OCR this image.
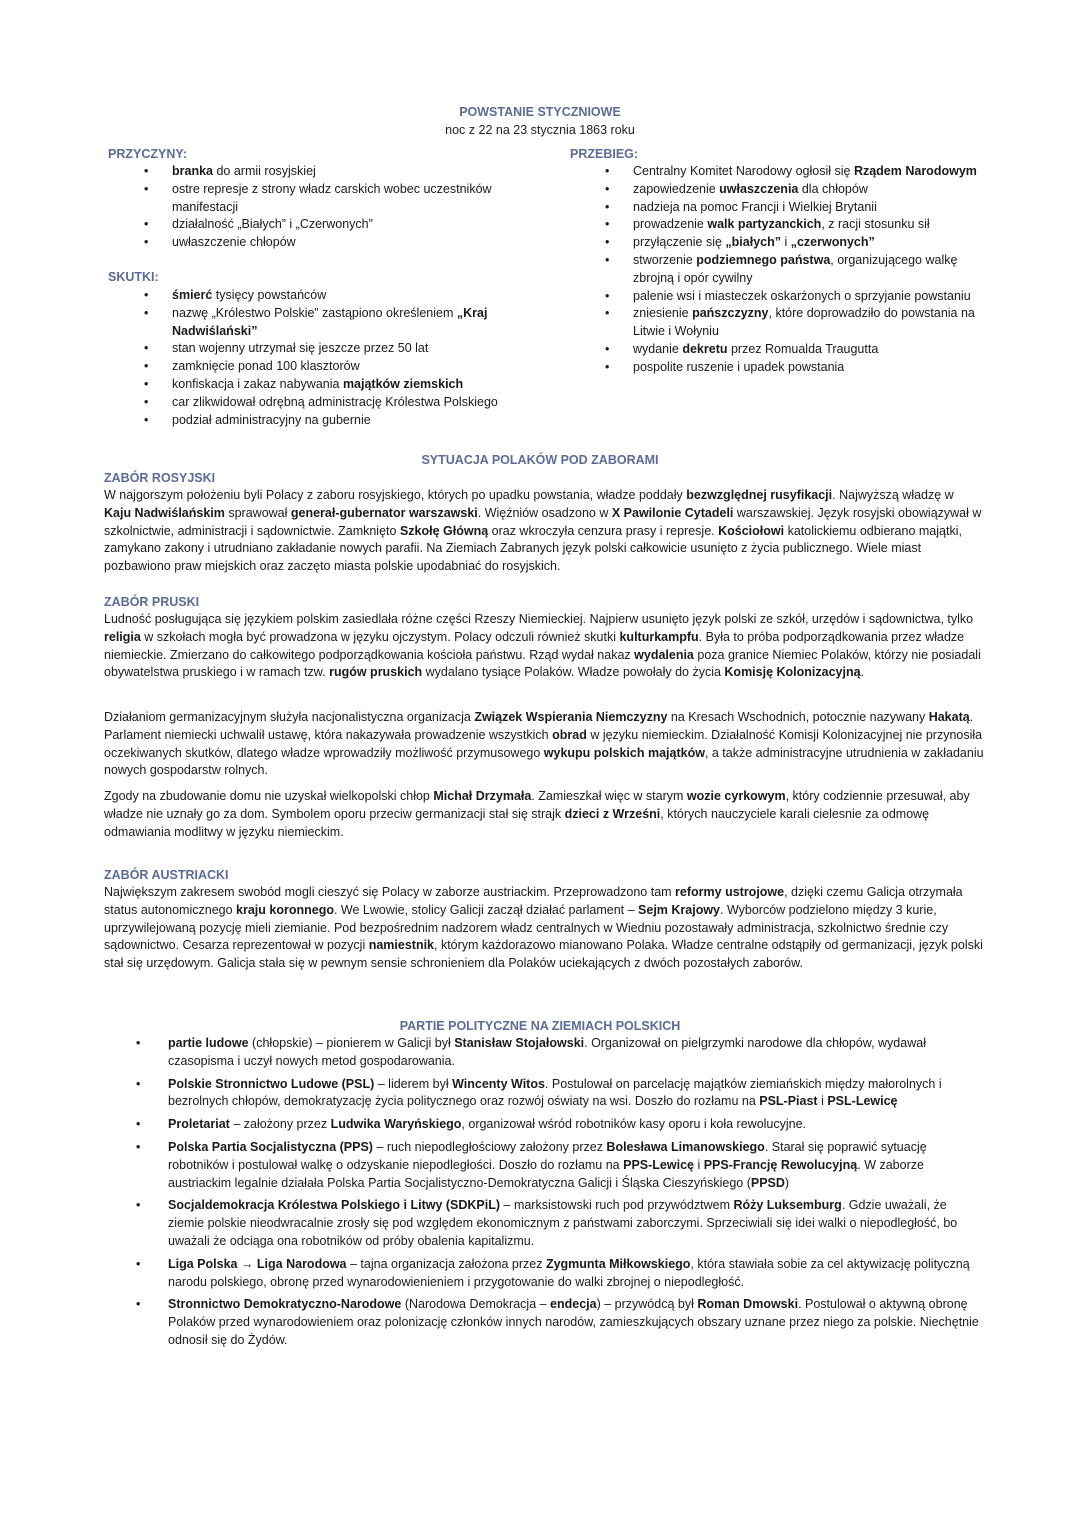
POWSTANIE STYCZNIOWE
noc z 22 na 23 stycznia 1863 roku
PRZYCZYNY:
• branka do armii rosyjskiej
• ostre represje z strony władz carskich wobec uczestników manifestacji
• działalność „Białych” i „Czerwonych”
• uwłaszczenie chłopów
SKUTKI:
• śmierć tysięcy powstańców
• nazwę „Królestwo Polskie” zastąpiono określeniem „Kraj Nadwiślański”
• stan wojenny utrzymał się jeszcze przez 50 lat
• zamknięcie ponad 100 klasztorów
• konfiskacja i zakaz nabywania majątków ziemskich
• car zlikwidował odrębną administrację Królestwa Polskiego
• podział administracyjny na gubernie
PRZEBIEG:
• Centralny Komitet Narodowy ogłosił się Rządem Narodowym
• zapowiedzenie uwłaszczenia dla chłopów
• nadzieja na pomoc Francji i Wielkiej Brytanii
• prowadzenie walk partyzanckich, z racji stosunku sił
• przyłączenie się „białych” i „czerwonych”
• stworzenie podziemnego państwa, organizującego walkę zbrojną i opór cywilny
• palenie wsi i miasteczek oskarżonych o sprzyjanie powstaniu
• zniesienie pańszczyzny, które doprowadziło do powstania na Litwie i Wołyniu
• wydanie dekretu przez Romualda Traugutta
• pospolite ruszenie i upadek powstania
SYTUACJA POLAKÓW POD ZABORAMI
ZABÓR ROSYJSKI

W najgorszym położeniu byli Polacy z zaboru rosyjskiego, których po upadku powstania, władze poddały bezwzględnej rusyfikacji. Najwyższą władzę w Kaju Nadwiślańskim sprawował generał-gubernator warszawski. Więźniów osadzono w X Pawilonie Cytadeli warszawskiej. Język rosyjski obowiązywał w szkolnictwie, administracji i sądownictwie. Zamknięto Szkołę Główną oraz wkroczyła cenzura prasy i represje. Kościołowi katolickiemu odbierano majątki, zamykano zakony i utrudniano zakładanie nowych parafii. Na Ziemiach Zabranych język polski całkowicie usunięto z życia publicznego. Wiele miast pozbawiono praw miejskich oraz zaczęto miasta polskie upodabniać do rosyjskich.

ZABÓR PRUSKI

Ludność posługująca się językiem polskim zasiedlała różne części Rzeszy Niemieckiej. Najpierw usunięto język polski ze szkół, urzędów i sądownictwa, tylko religia w szkołach mogła być prowadzona w języku ojczystym. Polacy odczuli również skutki kulturkampfu. Była to próba podporządkowania przez władze niemieckie. Zmierzano do całkowitego podporządkowania kościoła państwu. Rząd wydał nakaz wydalenia poza granice Niemiec Polaków, którzy nie posiadali obywatelstwa pruskiego i w ramach tzw. rugów pruskich wydalano tysiące Polaków. Władze powołały do życia Komisję Kolonizacyjną.

Działaniom germanizacyjnym służyła nacjonalistyczna organizacja Związek Wspierania Niemczyzny na Kresach Wschodnich, potocznie nazywany Hakatą. Parlament niemiecki uchwalił ustawę, która nakazywała prowadzenie wszystkich obrad w języku niemieckim. Działalność Komisji Kolonizacyjnej nie przynosiła oczekiwanych skutków, dlatego władze wprowadziły możliwość przymusowego wykupu polskich majątków, a także administracyjne utrudnienia w zakładaniu nowych gospodarstw rolnych.

Zgody na zbudowanie domu nie uzyskał wielkopolski chłop Michał Drzymała. Zamieszkał więc w starym wozie cyrkowym, który codziennie przesuwał, aby władze nie uznały go za dom. Symbolem oporu przeciw germanizacji stał się strajk dzieci z Wrześni, których nauczyciele karali cielesnie za odmowę odmawiania modlitwy w języku niemieckim.

ZABÓR AUSTRIACKI

Największym zakresem swobód mogli cieszyć się Polacy w zaborze austriackim. Przeprowadzono tam reformy ustrojowe, dzięki czemu Galicja otrzymała status autonomicznego kraju koronnego. We Lwowie, stolicy Galicji zaczął działać parlament – Sejm Krajowy. Wyborców podzielono między 3 kurie, uprzywilejowaną pozycję mieli ziemianie. Pod bezpośrednim nadzorem władz centralnych w Wiedniu pozostawały administracja, szkolnictwo średnie czy sądownictwo. Cesarza reprezentował w pozycji namiestnik, którym każdorazowo mianowano Polaka. Władze centralne odstąpiły od germanizacji, język polski stał się urzędowym. Galicja stała się w pewnym sensie schronieniem dla Polaków uciekających z dwóch pozostałych zaborów.

PARTIE POLITYCZNE NA ZIEMIACH POLSKICH
• partie ludowe (chłopskie) – pionierem w Galicji był Stanisław Stojałowski. Organizował on pielgrzymki narodowe dla chłopów, wydawał czasopisma i uczył nowych metod gospodarowania.
• Polskie Stronnictwo Ludowe (PSL) – liderem był Wincenty Witos. Postulował on parcelację majątków ziemiańskich między małorolnych i bezrolnych chłopów, demokratyzację życia politycznego oraz rozwój oświaty na wsi. Doszło do rozłamu na PSL-Piast i PSL-Lewicę
• Proletariat – założony przez Ludwika Waryńskiego, organizował wśród robotników kasy oporu i koła rewolucyjne.
• Polska Partia Socjalistyczna (PPS) – ruch niepodległościowy założony przez Bolesława Limanowskiego. Starał się poprawić sytuację robotników i postulował walkę o odzyskanie niepodległości. Doszło do rozłamu na PPS-Lewicę i PPS-Francję Rewolucyjną. W zaborze austriackim legalnie działała Polska Partia Socjalistyczno-Demokratyczna Galicji i Śląska Cieszyńskiego (PPSD)
• Socjaldemokracja Królestwa Polskiego i Litwy (SDKPiL) – marksistowski ruch pod przywództwem Róży Luksemburg. Gdzie uważali, że ziemie polskie nieodwracalnie zrosły się pod względem ekonomicznym z państwami zaborczymi. Sprzeciwiali się idei walki o niepodległość, bo uważali że odciąga ona robotników od próby obalenia kapitalizmu.
• Liga Polska → Liga Narodowa – tajna organizacja założona przez Zygmunta Miłkowskiego, która stawiała sobie za cel aktywizację polityczną narodu polskiego, obronę przed wynarodowienieniem i przygotowanie do walki zbrojnej o niepodległość.
• Stronnictwo Demokratyczno-Narodowe (Narodowa Demokracja – endecja) – przywódcą był Roman Dmowski. Postulował o aktywną obronę Polaków przed wynarodowieniem oraz polonizację członków innych narodów, zamieszkujących obszary uznane przez niego za polskie. Niechętnie odnosił się do Żydów.
